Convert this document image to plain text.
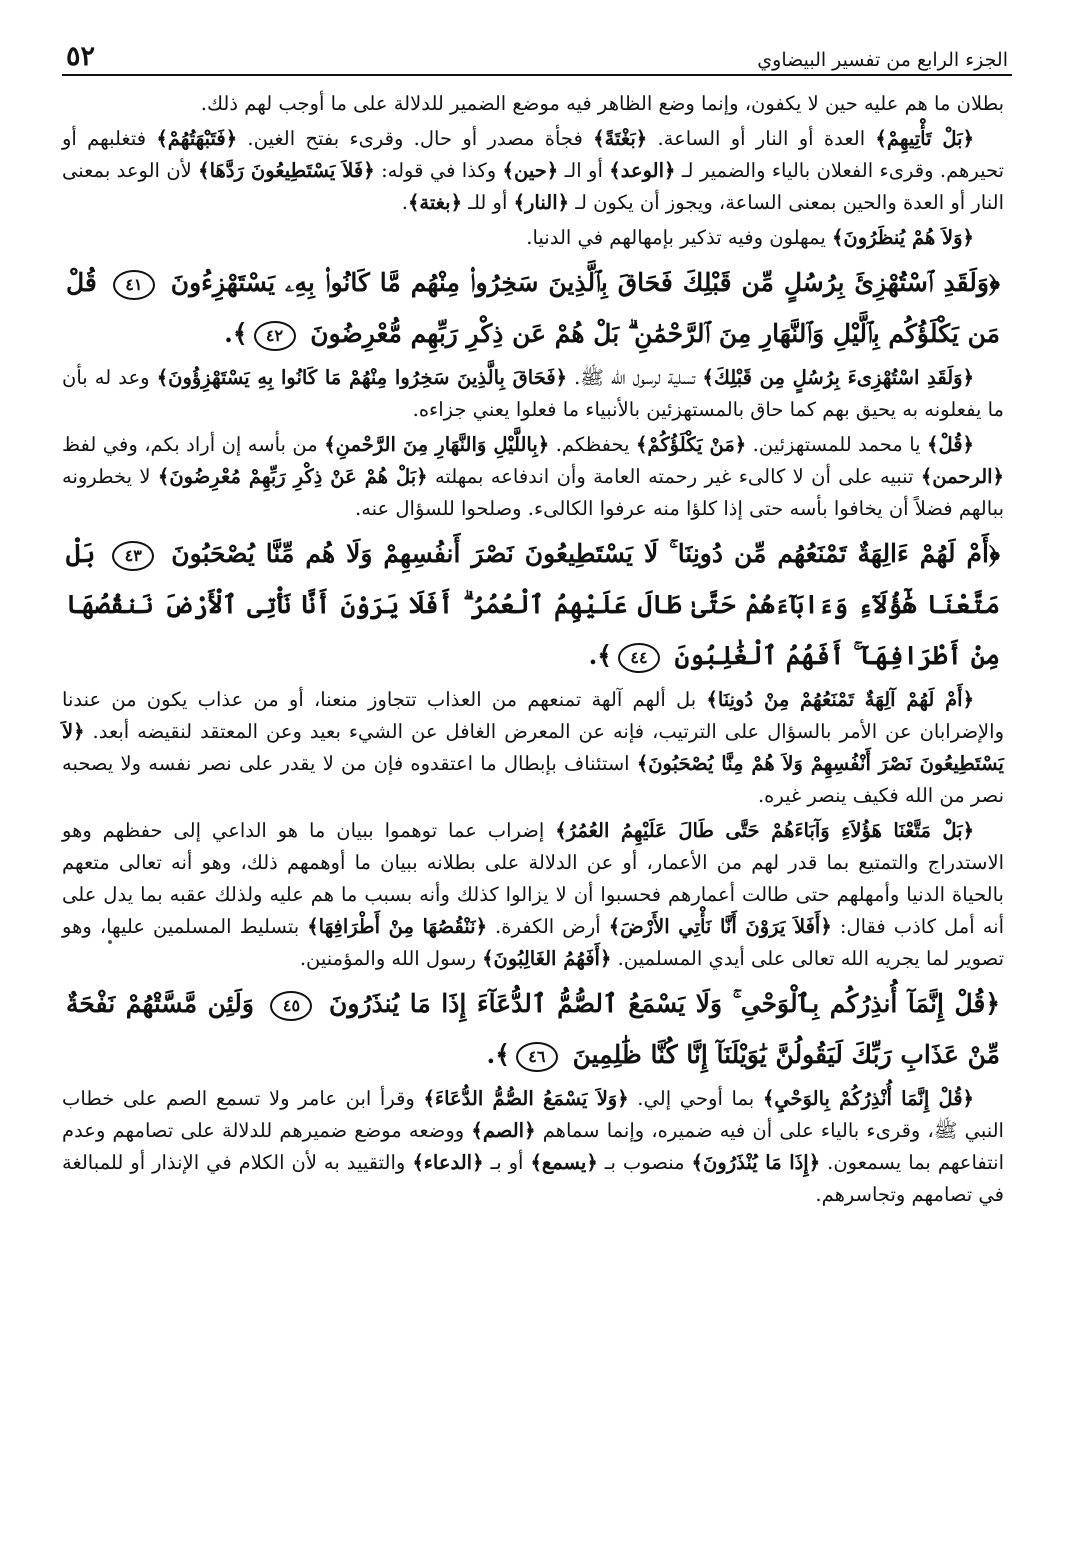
الجزء الرابع من تفسير البيضاوي
٥٢

بطلان ما هم عليه حين لا يكفون، وإنما وضع الظاهر فيه موضع الضمير للدلالة على ما أوجب لهم ذلك.

﴿بَلْ تَأْتِيهِمْ﴾ العدة أو النار أو الساعة. ﴿بَغْتَةً﴾ فجأة مصدر أو حال. وقرىء بفتح الغين. ﴿فَتَبْهَتُهُمْ﴾ فتغلبهم أو تحيرهم. وقرىء الفعلان بالياء والضمير لـ ﴿الوعد﴾ أو الـ ﴿حين﴾ وكذا في قوله: ﴿فَلاَ يَسْتَطِيعُونَ رَدَّهَا﴾ لأن الوعد بمعنى النار أو العدة والحين بمعنى الساعة، ويجوز أن يكون لـ ﴿النار﴾ أو للـ ﴿بغتة﴾.

﴿وَلاَ هُمْ يُنظَرُونَ﴾ يمهلون وفيه تذكير بإمهالهم في الدنيا.

﴿وَلَقَدِ ٱسْتُهْزِئَ بِرُسُلٍ مِّن قَبْلِكَ فَحَاقَ بِٱلَّذِينَ سَخِرُوا۟ مِنْهُم مَّا كَانُوا۟ بِهِۦ يَسْتَهْزِءُونَ ٤١ قُلْ مَن يَكْلَؤُكُم بِٱلَّيْلِ وَٱلنَّهَارِ مِنَ ٱلرَّحْمَٰنِ ۗ بَلْ هُمْ عَن ذِكْرِ رَبِّهِم مُّعْرِضُونَ ٤٢﴾.

﴿وَلَقَدِ اسْتُهْزِىءَ بِرُسُلٍ مِن قَبْلِكَ﴾ تسلية لرسول الله ﷺ. ﴿فَحَاقَ بِالَّذِينَ سَخِرُوا مِنْهُمْ مَا كَانُوا بِهِ يَسْتَهْزِؤُونَ﴾ وعد له بأن ما يفعلونه به يحيق بهم كما حاق بالمستهزئين بالأنبياء ما فعلوا يعني جزاءه.

﴿قُلْ﴾ يا محمد للمستهزئين. ﴿مَنْ يَكْلَؤُكُمْ﴾ يحفظكم. ﴿بِاللَّيْلِ وَالنَّهَارِ مِنَ الرَّحْمنِ﴾ من بأسه إن أراد بكم، وفي لفظ ﴿الرحمن﴾ تنبيه على أن لا كالىء غير رحمته العامة وأن اندفاعه بمهلته ﴿بَلْ هُمْ عَنْ ذِكْرِ رَبِّهِمْ مُعْرِضُونَ﴾ لا يخطرونه ببالهم فضلاً أن يخافوا بأسه حتى إذا كلؤا منه عرفوا الكالىء. وصلحوا للسؤال عنه.

﴿أَمْ لَهُمْ ءَالِهَةٌ تَمْنَعُهُم مِّن دُونِنَا ۚ لَا يَسْتَطِيعُونَ نَصْرَ أَنفُسِهِمْ وَلَا هُم مِّنَّا يُصْحَبُونَ ٤٣ بَلْ مَتَّعْنَا هَٰٓؤُلَآءِ وَءَابَآءَهُمْ حَتَّىٰ طَالَ عَلَيْهِمُ ٱلْعُمُرُ ۗ أَفَلَا يَرَوْنَ أَنَّا نَأْتِى ٱلْأَرْضَ نَنقُصُهَا مِنْ أَطْرَافِهَآ ۚ أَفَهُمُ ٱلْغَٰلِبُونَ ٤٤﴾.

﴿أَمْ لَهُمْ آلِهَةٌ تَمْنَعُهُمْ مِنْ دُونِنَا﴾ بل ألهم آلهة تمنعهم من العذاب تتجاوز منعنا، أو من عذاب يكون من عندنا والإضرابان عن الأمر بالسؤال على الترتيب، فإنه عن المعرض الغافل عن الشيء بعيد وعن المعتقد لنقيضه أبعد. ﴿لاَ يَسْتَطِيعُونَ نَصْرَ أَنْفُسِهِمْ وَلاَ هُمْ مِنَّا يُصْحَبُونَ﴾ استئناف بإبطال ما اعتقدوه فإن من لا يقدر على نصر نفسه ولا يصحبه نصر من الله فكيف ينصر غيره.

﴿بَلْ مَتَّعْنَا هَؤُلاَءِ وَآبَاءَهُمْ حَتَّى طَالَ عَلَيْهِمُ العُمُرُ﴾ إضراب عما توهموا ببيان ما هو الداعي إلى حفظهم وهو الاستدراج والتمتيع بما قدر لهم من الأعمار، أو عن الدلالة على بطلانه ببيان ما أوهمهم ذلك، وهو أنه تعالى متعهم بالحياة الدنيا وأمهلهم حتى طالت أعمارهم فحسبوا أن لا يزالوا كذلك وأنه بسبب ما هم عليه ولذلك عقبه بما يدل على أنه أمل كاذب فقال: ﴿أَفَلاَ يَرَوْنَ أَنَّا نَأْتِي الأَرْضَ﴾ أرض الكفرة. ﴿نَنْقُصُهَا مِنْ أَطْرَافِهَا﴾ بتسليط المسلمين عليها، وهو تصوير لما يجريه الله تعالى على أيدي المسلمين. ﴿أَفَهُمُ الغَالِبُونَ﴾ رسول الله والمؤمنين.

﴿قُلْ إِنَّمَآ أُنذِرُكُم بِٱلْوَحْىِ ۚ وَلَا يَسْمَعُ ٱلصُّمُّ ٱلدُّعَآءَ إِذَا مَا يُنذَرُونَ ٤٥ وَلَئِن مَّسَّتْهُمْ نَفْحَةٌ مِّنْ عَذَابِ رَبِّكَ لَيَقُولُنَّ يَٰوَيْلَنَآ إِنَّا كُنَّا ظَٰلِمِينَ ٤٦﴾.

﴿قُلْ إِنَّمَا أُنْذِرُكُمْ بِالوَحْيِ﴾ بما أوحي إلي. ﴿وَلاَ يَسْمَعُ الصُّمُّ الدُّعَاءَ﴾ وقرأ ابن عامر ولا تسمع الصم على خطاب النبي ﷺ، وقرىء بالياء على أن فيه ضميره، وإنما سماهم ﴿الصم﴾ ووضعه موضع ضميرهم للدلالة على تصامهم وعدم انتفاعهم بما يسمعون. ﴿إِذَا مَا يُنْذَرُونَ﴾ منصوب بـ ﴿يسمع﴾ أو بـ ﴿الدعاء﴾ والتقييد به لأن الكلام في الإنذار أو للمبالغة في تصامهم وتجاسرهم.
